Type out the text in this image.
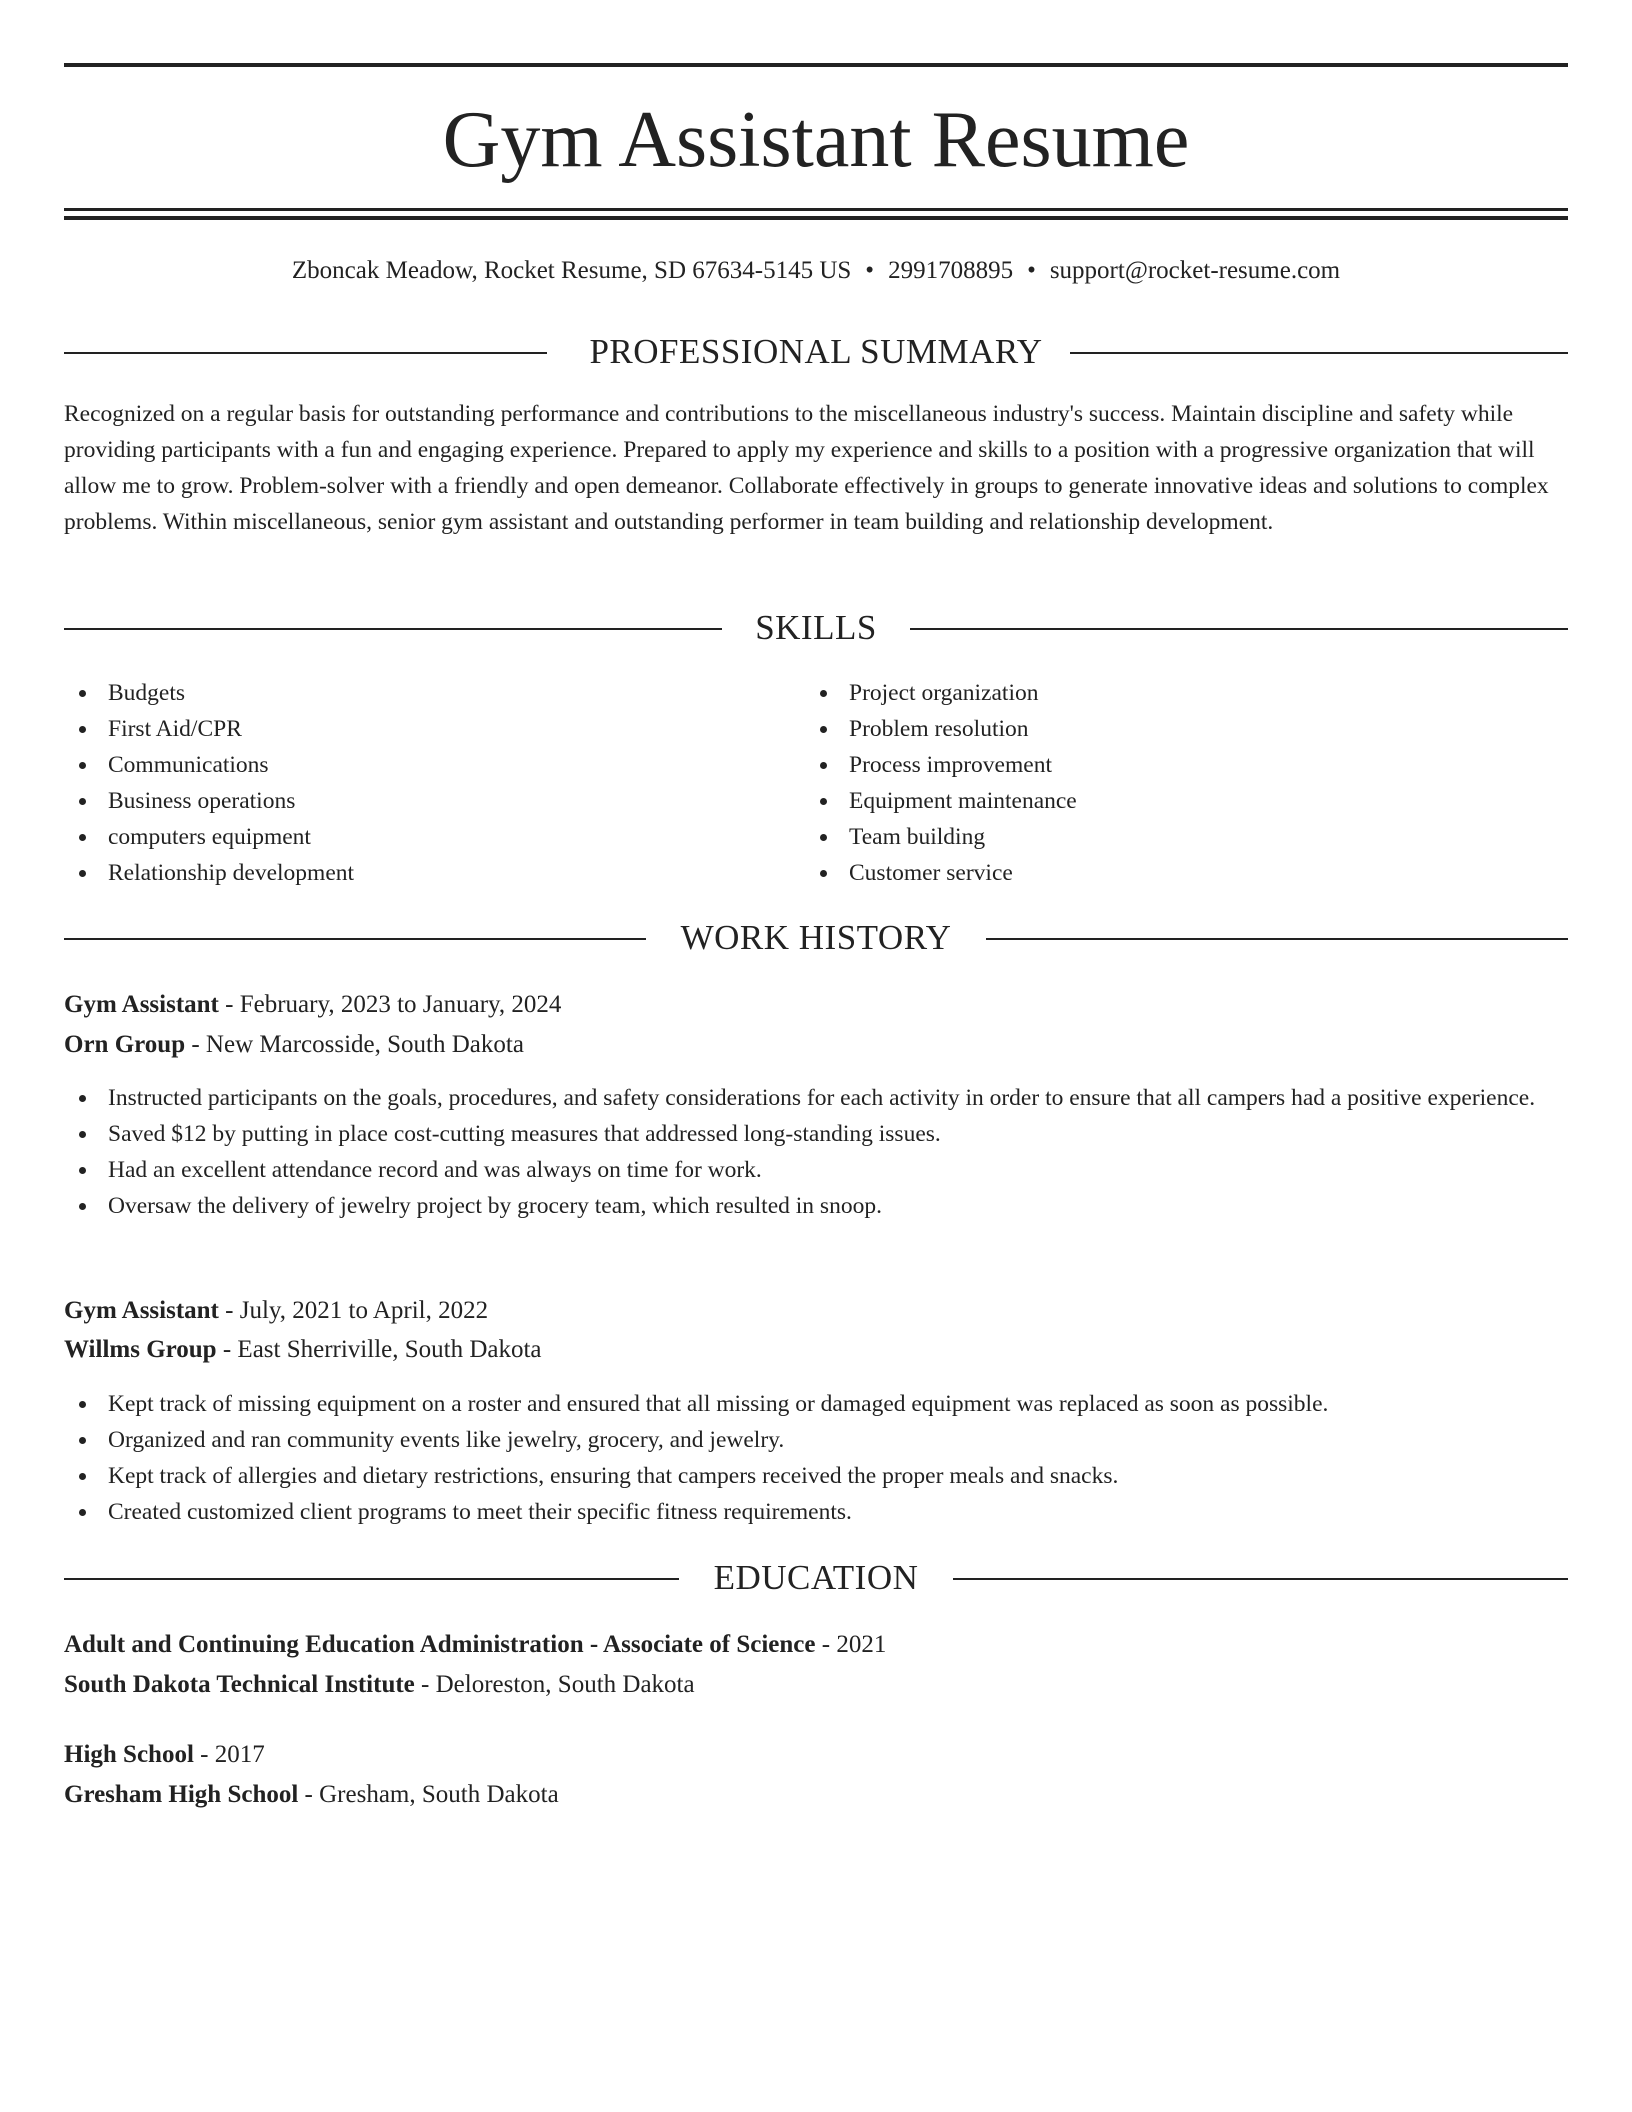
Gym Assistant Resume
Zboncak Meadow, Rocket Resume, SD 67634-5145 US • 2991708895 • support@rocket-resume.com
PROFESSIONAL SUMMARY

Recognized on a regular basis for outstanding performance and contributions to the miscellaneous industry's success. Maintain discipline and safety while providing participants with a fun and engaging experience. Prepared to apply my experience and skills to a position with a progressive organization that will allow me to grow. Problem-solver with a friendly and open demeanor. Collaborate effectively in groups to generate innovative ideas and solutions to complex problems. Within miscellaneous, senior gym assistant and outstanding performer in team building and relationship development.

SKILLS
Budgets
First Aid/CPR
Communications
Business operations
computers equipment
Relationship development
Project organization
Problem resolution
Process improvement
Equipment maintenance
Team building
Customer service
WORK HISTORY
Gym Assistant - February, 2023 to January, 2024
Orn Group - New Marcosside, South Dakota
Instructed participants on the goals, procedures, and safety considerations for each activity in order to ensure that all campers had a positive experience.
Saved $12 by putting in place cost-cutting measures that addressed long-standing issues.
Had an excellent attendance record and was always on time for work.
Oversaw the delivery of jewelry project by grocery team, which resulted in snoop.
Gym Assistant - July, 2021 to April, 2022
Willms Group - East Sherriville, South Dakota
Kept track of missing equipment on a roster and ensured that all missing or damaged equipment was replaced as soon as possible.
Organized and ran community events like jewelry, grocery, and jewelry.
Kept track of allergies and dietary restrictions, ensuring that campers received the proper meals and snacks.
Created customized client programs to meet their specific fitness requirements.
EDUCATION
Adult and Continuing Education Administration - Associate of Science - 2021
South Dakota Technical Institute - Deloreston, South Dakota
High School - 2017
Gresham High School - Gresham, South Dakota
